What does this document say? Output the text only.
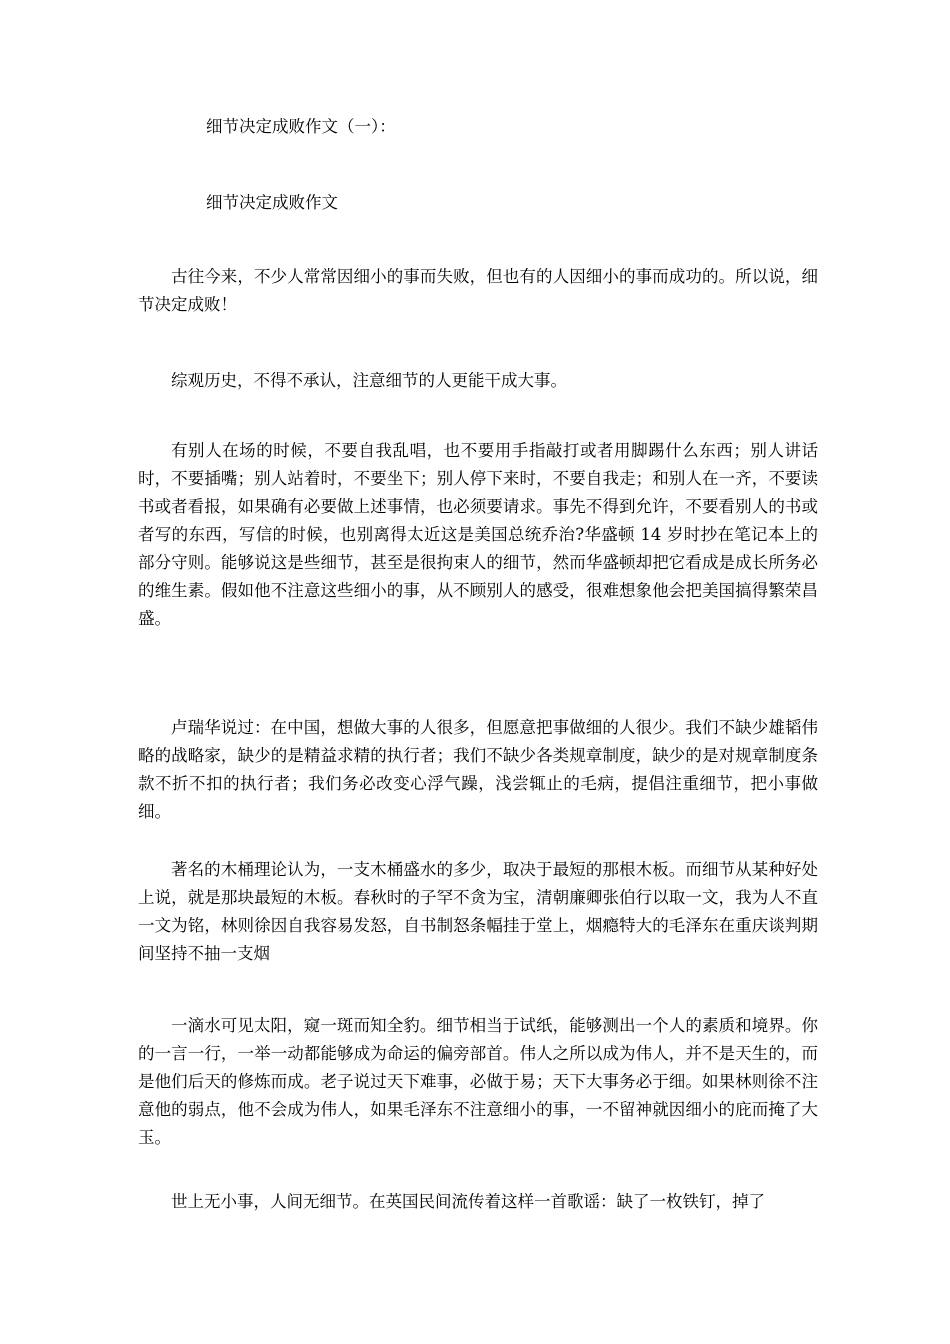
细节决定成败作文（一）：

细节决定成败作文

古往今来，不少人常常因细小的事而失败，但也有的人因细小的事而成功的。所以说，细节决定成败！

综观历史，不得不承认，注意细节的人更能干成大事。

有别人在场的时候，不要自我乱唱，也不要用手指敲打或者用脚踢什么东西；别人讲话时，不要插嘴；别人站着时，不要坐下；别人停下来时，不要自我走；和别人在一齐，不要读书或者看报，如果确有必要做上述事情，也必须要请求。事先不得到允许，不要看别人的书或者写的东西，写信的时候，也别离得太近这是美国总统乔治?华盛顿 14 岁时抄在笔记本上的部分守则。能够说这是些细节，甚至是很拘束人的细节，然而华盛顿却把它看成是成长所务必的维生素。假如他不注意这些细小的事，从不顾别人的感受，很难想象他会把美国搞得繁荣昌盛。

卢瑞华说过：在中国，想做大事的人很多，但愿意把事做细的人很少。我们不缺少雄韬伟略的战略家，缺少的是精益求精的执行者；我们不缺少各类规章制度，缺少的是对规章制度条款不折不扣的执行者；我们务必改变心浮气躁，浅尝辄止的毛病，提倡注重细节，把小事做细。

著名的木桶理论认为，一支木桶盛水的多少，取决于最短的那根木板。而细节从某种好处上说，就是那块最短的木板。春秋时的子罕不贪为宝，清朝廉卿张伯行以取一文，我为人不直一文为铭，林则徐因自我容易发怒，自书制怒条幅挂于堂上，烟瘾特大的毛泽东在重庆谈判期间坚持不抽一支烟

一滴水可见太阳，窥一斑而知全豹。细节相当于试纸，能够测出一个人的素质和境界。你的一言一行，一举一动都能够成为命运的偏旁部首。伟人之所以成为伟人，并不是天生的，而是他们后天的修炼而成。老子说过天下难事，必做于易；天下大事务必于细。如果林则徐不注意他的弱点，他不会成为伟人，如果毛泽东不注意细小的事，一不留神就因细小的庇而掩了大玉。

世上无小事，人间无细节。在英国民间流传着这样一首歌谣：缺了一枚铁钉，掉了
